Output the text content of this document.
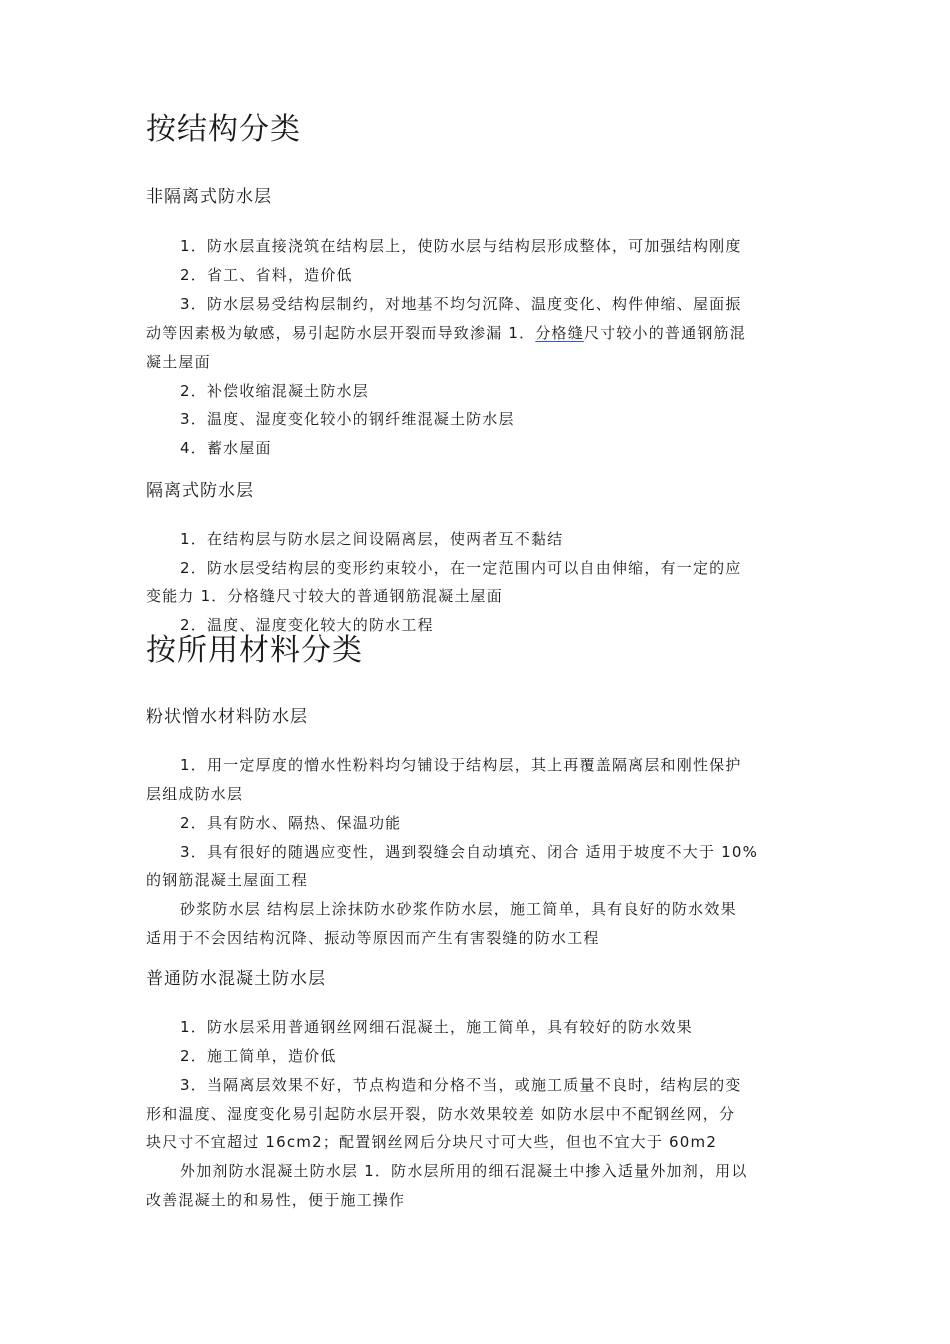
按结构分类
非隔离式防水层
1．防水层直接浇筑在结构层上，使防水层与结构层形成整体，可加强结构刚度
2．省工、省料，造价低
3．防水层易受结构层制约，对地基不均匀沉降、温度变化、构件伸缩、屋面振
动等因素极为敏感，易引起防水层开裂而导致渗漏 1．分格缝尺寸较小的普通钢筋混
凝土屋面
2．补偿收缩混凝土防水层
3．温度、湿度变化较小的钢纤维混凝土防水层
4．蓄水屋面
隔离式防水层
1．在结构层与防水层之间设隔离层，使两者互不黏结
2．防水层受结构层的变形约束较小，在一定范围内可以自由伸缩，有一定的应
变能力 1．分格缝尺寸较大的普通钢筋混凝土屋面
2．温度、湿度变化较大的防水工程
按所用材料分类
粉状憎水材料防水层
1．用一定厚度的憎水性粉料均匀铺设于结构层，其上再覆盖隔离层和刚性保护
层组成防水层
2．具有防水、隔热、保温功能
3．具有很好的随遇应变性，遇到裂缝会自动填充、闭合 适用于坡度不大于 10%
的钢筋混凝土屋面工程
砂浆防水层 结构层上涂抹防水砂浆作防水层，施工简单，具有良好的防水效果
适用于不会因结构沉降、振动等原因而产生有害裂缝的防水工程
普通防水混凝土防水层
1．防水层采用普通钢丝网细石混凝土，施工简单，具有较好的防水效果
2．施工简单，造价低
3．当隔离层效果不好，节点构造和分格不当，或施工质量不良时，结构层的变
形和温度、湿度变化易引起防水层开裂，防水效果较差 如防水层中不配钢丝网，分
块尺寸不宜超过 16cm2；配置钢丝网后分块尺寸可大些，但也不宜大于 60m2
外加剂防水混凝土防水层 1．防水层所用的细石混凝土中掺入适量外加剂，用以
改善混凝土的和易性，便于施工操作
